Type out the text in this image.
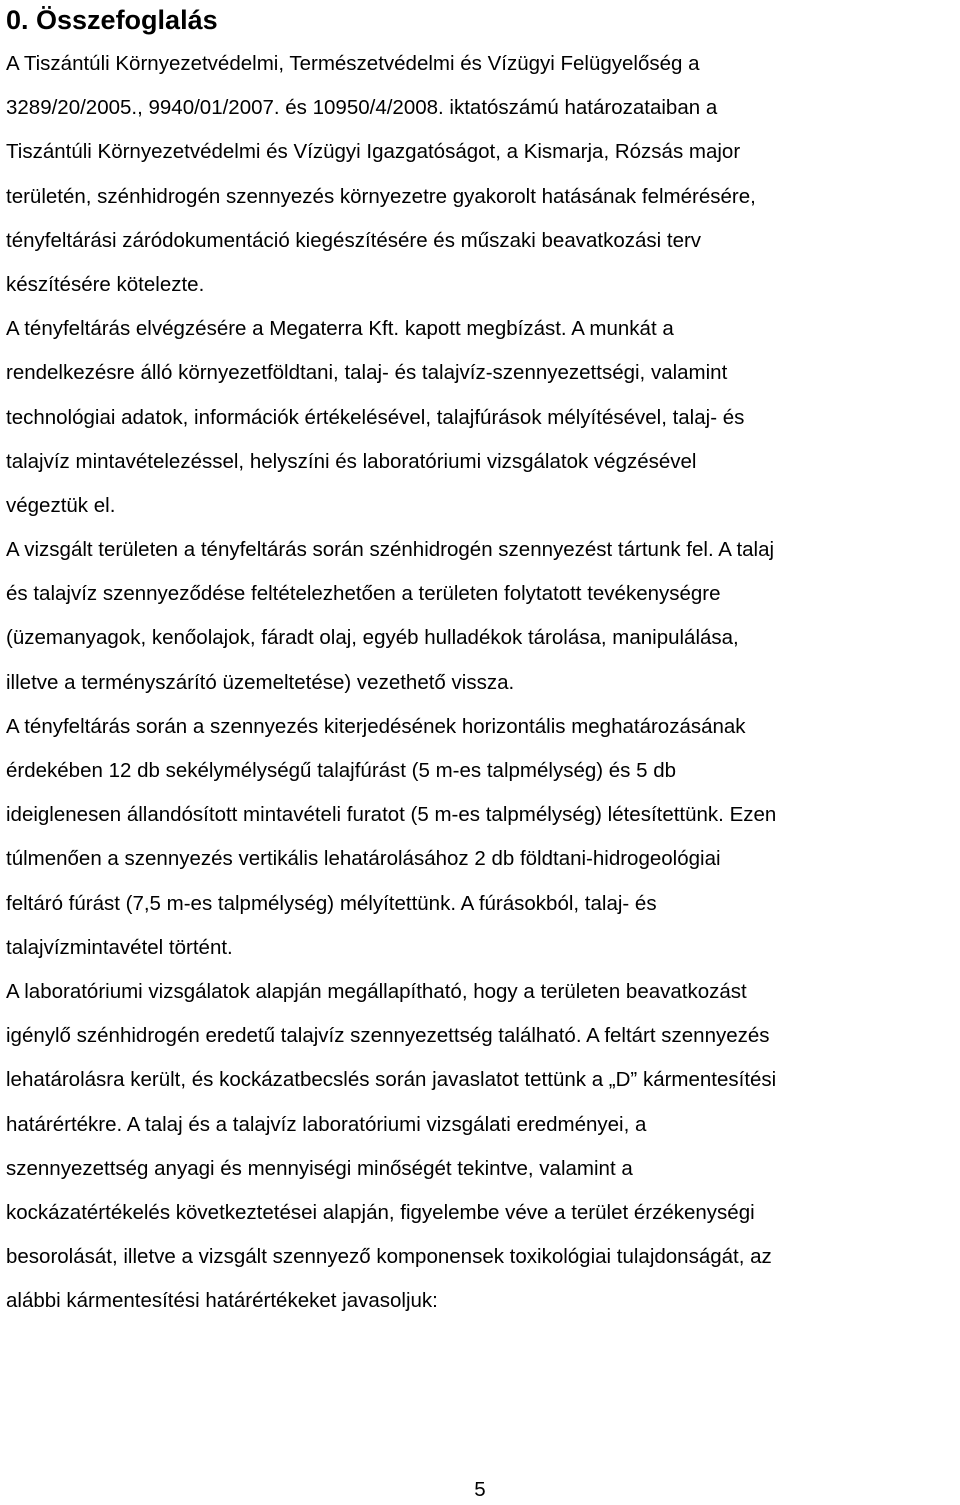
0. Összefoglalás
A Tiszántúli Környezetvédelmi, Természetvédelmi és Vízügyi Felügyelőség a
3289/20/2005., 9940/01/2007. és 10950/4/2008. iktatószámú határozataiban a
Tiszántúli Környezetvédelmi és Vízügyi Igazgatóságot, a Kismarja, Rózsás major
területén, szénhidrogén szennyezés környezetre gyakorolt hatásának felmérésére,
tényfeltárási záródokumentáció kiegészítésére és műszaki beavatkozási terv
készítésére kötelezte.
A tényfeltárás elvégzésére a Megaterra Kft. kapott megbízást. A munkát a
rendelkezésre álló környezetföldtani, talaj- és talajvíz-szennyezettségi, valamint
technológiai adatok, információk értékelésével, talajfúrások mélyítésével, talaj- és
talajvíz mintavételezéssel, helyszíni és laboratóriumi vizsgálatok végzésével
végeztük el.
A vizsgált területen a tényfeltárás során szénhidrogén szennyezést tártunk fel. A talaj
és talajvíz szennyeződése feltételezhetően a területen folytatott tevékenységre
(üzemanyagok, kenőolajok, fáradt olaj, egyéb hulladékok tárolása, manipulálása,
illetve a terményszárító üzemeltetése) vezethető vissza.
A tényfeltárás során a szennyezés kiterjedésének horizontális meghatározásának
érdekében 12 db sekélymélységű talajfúrást (5 m-es talpmélység) és 5 db
ideiglenesen állandósított mintavételi furatot (5 m-es talpmélység) létesítettünk. Ezen
túlmenően a szennyezés vertikális lehatárolásához 2 db földtani-hidrogeológiai
feltáró fúrást (7,5 m-es talpmélység) mélyítettünk. A fúrásokból, talaj- és
talajvízmintavétel történt.
A laboratóriumi vizsgálatok alapján megállapítható, hogy a területen beavatkozást
igénylő szénhidrogén eredetű talajvíz szennyezettség található. A feltárt szennyezés
lehatárolásra került, és kockázatbecslés során javaslatot tettünk a „D” kármentesítési
határértékre. A talaj és a talajvíz laboratóriumi vizsgálati eredményei, a
szennyezettség anyagi és mennyiségi minőségét tekintve, valamint a
kockázatértékelés következtetései alapján, figyelembe véve a terület érzékenységi
besorolását, illetve a vizsgált szennyező komponensek toxikológiai tulajdonságát, az
alábbi kármentesítési határértékeket javasoljuk:
5
